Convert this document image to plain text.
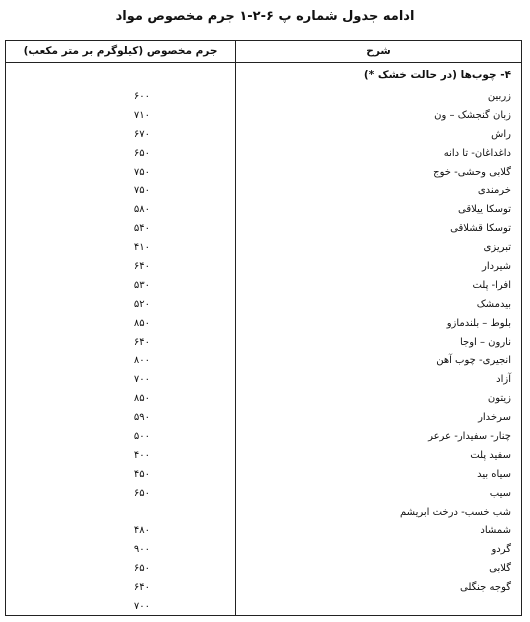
ادامه جدول شماره پ ۶-۲-۱ جرم مخصوص مواد
شرح
جرم مخصوص (کیلوگرم بر متر مکعب)
۴- چوب‌ها (در حالت خشک *)
زربین
۶۰۰
زبان گنجشک – ون
۷۱۰
راش
۶۷۰
داغداغان- تا دانه
۶۵۰
گلابی وحشی- خوج
۷۵۰
خرمندی
۷۵۰
توسکا ییلاقی
۵۸۰
توسکا قشلاقی
۵۴۰
تبریزی
۴۱۰
شیردار
۶۴۰
افرا- پلت
۵۳۰
بیدمشک
۵۲۰
بلوط – بلندمازو
۸۵۰
نارون – اوجا
۶۴۰
انجیری- چوب آهن
۸۰۰
آزاد
۷۰۰
زیتون
۸۵۰
سرخدار
۵۹۰
چنار- سفیدار- عرعر
۵۰۰
سفید پلت
۴۰۰
سیاه بید
۴۵۰
سیب
۶۵۰
شب خسب- درخت ابریشم
شمشاد
۴۸۰
گردو
۹۰۰
گلابی
۶۵۰
گوجه جنگلی
۶۴۰
۷۰۰
